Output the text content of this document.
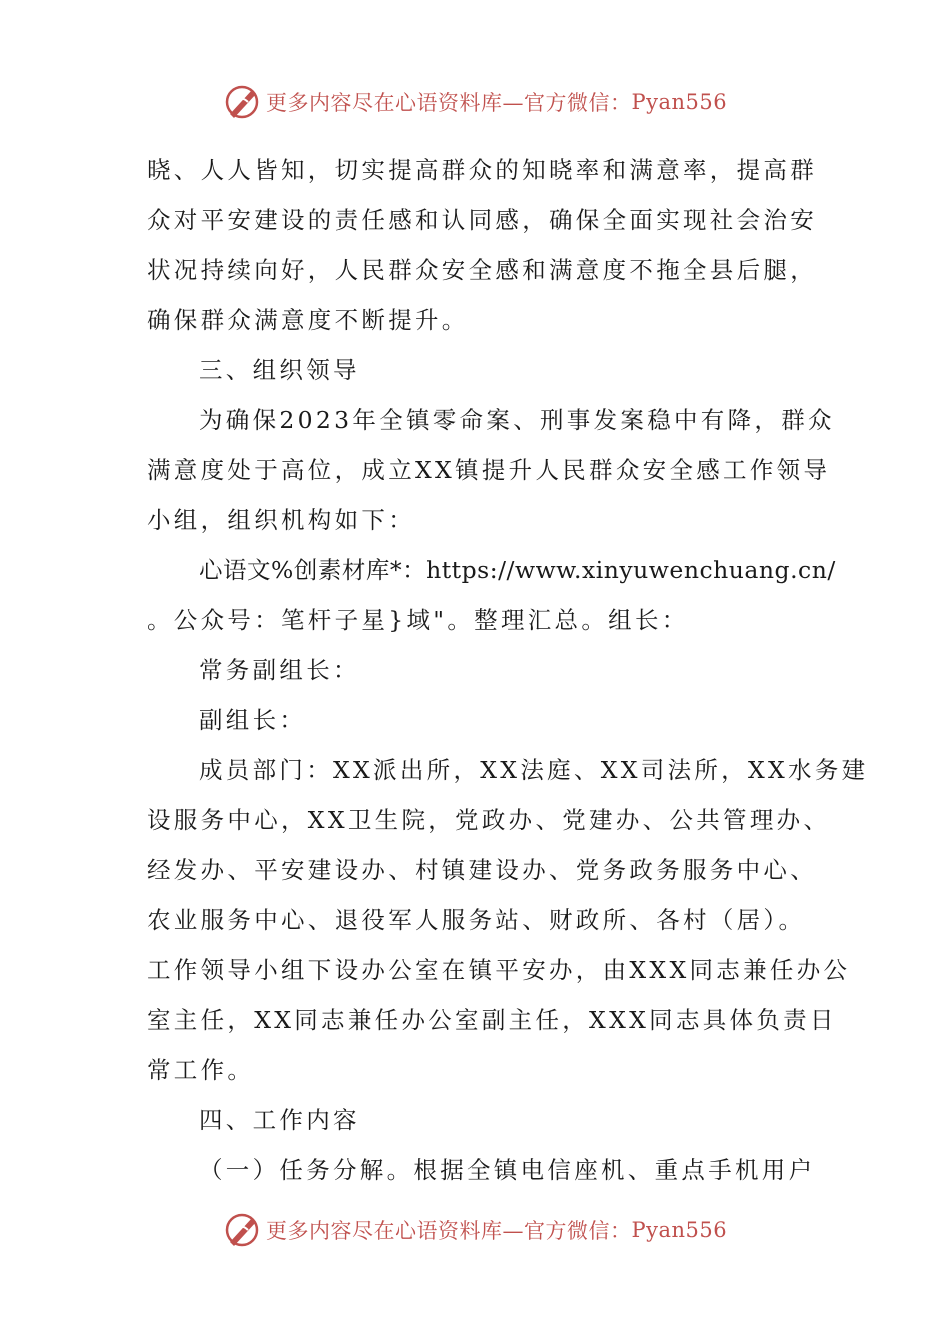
更多内容尽在心语资料库—官方微信： Pyan556

晓、人人皆知，切实提高群众的知晓率和满意率，提高群

众对平安建设的责任感和认同感，确保全面实现社会治安

状况持续向好，人民群众安全感和满意度不拖全县后腿，

确保群众满意度不断提升。

三、组织领导

为确保2023年全镇零命案、刑事发案稳中有降，群众

满意度处于高位，成立XX镇提升人民群众安全感工作领导

小组，组织机构如下：

心语文%创素材库*：https://www.xinyuwenchuang.cn/

。公众号：笔杆子星}域"。整理汇总。组长：

常务副组长：

副组长：

成员部门：XX派出所，XX法庭、XX司法所，XX水务建

设服务中心，XX卫生院，党政办、党建办、公共管理办、

经发办、平安建设办、村镇建设办、党务政务服务中心、

农业服务中心、退役军人服务站、财政所、各村（居）。

工作领导小组下设办公室在镇平安办，由XXX同志兼任办公

室主任，XX同志兼任办公室副主任，XXX同志具体负责日

常工作。

四、工作内容

（一）任务分解。根据全镇电信座机、重点手机用户

更多内容尽在心语资料库—官方微信： Pyan556
